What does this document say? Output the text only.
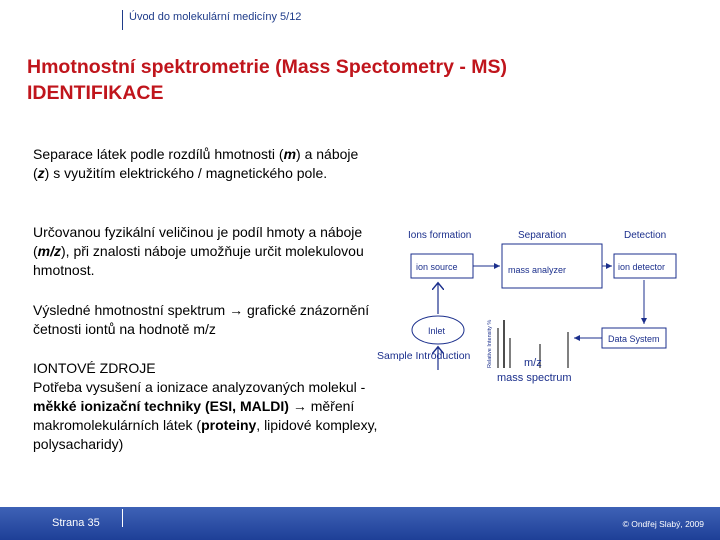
Úvod do molekulární medicíny 5/12
Hmotnostní spektrometrie (Mass Spectometry - MS)
IDENTIFIKACE
Separace látek podle rozdílů hmotnosti (m) a náboje (z) s využitím elektrického / magnetického pole.
Určovanou fyzikální veličinou je podíl hmoty a náboje (m/z), při znalosti náboje umožňuje určit molekulovou hmotnost.
Výsledné hmotnostní spektrum → grafické znázornění četnosti iontů na hodnotě m/z
IONTOVÉ ZDROJE
Potřeba vysušení a ionizace analyzovaných molekul - měkké ionizační techniky (ESI, MALDI) → měření makromolekulárních látek (proteiny, lipidové komplexy, polysacharidy)
Ions formation	Separation	Detection
ion source	mass analyzer	ion detector
Inlet
Data System
Sample Introduction	Relative Intensity %	m/z
mass spectrum
Strana 35	© Ondřej Slabý, 2009
